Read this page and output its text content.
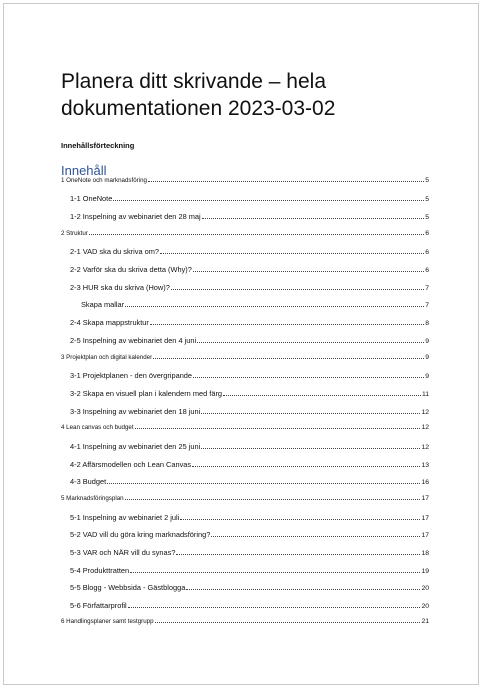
Planera ditt skrivande – hela dokumentationen 2023-03-02
Innehållsförteckning
Innehåll
1 OneNote och marknadsföring	5
1-1 OneNote	5
1-2 Inspelning av webinariet den 28 maj	5
2 Struktur	6
2-1 VAD ska du skriva om?	6
2-2 Varför ska du skriva detta (Why)?	6
2-3 HUR ska du skriva (How)?	7
Skapa mallar	7
2-4 Skapa mappstruktur	8
2-5 Inspelning av webinariet den 4 juni	9
3 Projektplan och digital kalender	9
3-1 Projektplanen - den övergripande	9
3-2 Skapa en visuell plan i kalendern med färg	11
3-3 Inspelning av webinariet den 18 juni	12
4 Lean canvas och budget	12
4-1 Inspelning av webinariet den 25 juni	12
4-2 Affärsmodellen och Lean Canvas	13
4-3 Budget	16
5 Marknadsföringsplan	17
5-1 Inspelning av webinariet 2 juli	17
5-2 VAD vill du göra kring marknadsföring?	17
5-3 VAR och NÄR vill du synas?	18
5-4 Produkttratten	19
5-5 Blogg - Webbsida - Gästblogga	20
5-6 Författarprofil	20
6 Handlingsplaner samt testgrupp	21
